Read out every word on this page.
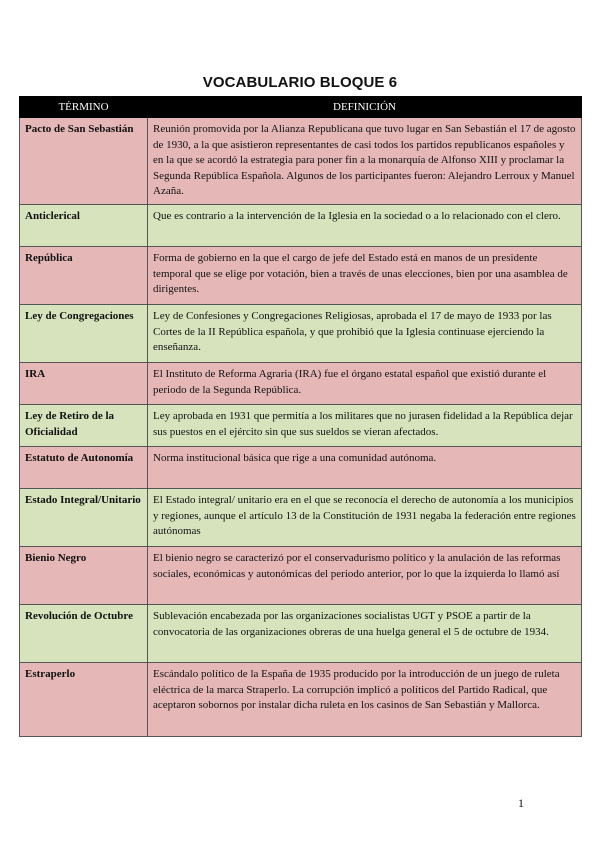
VOCABULARIO BLOQUE 6
TÉRMINO	DEFINICIÓN
Pacto de San Sebastián	Reunión promovida por la Alianza Republicana que tuvo lugar en San Sebastián el 17 de agosto de 1930, a la que asistieron representantes de casi todos los partidos republicanos españoles y en la que se acordó la estrategia para poner fin a la monarquía de Alfonso XIII y proclamar la Segunda República Española. Algunos de los participantes fueron: Alejandro Lerroux y Manuel Azaña.
Anticlerical	Que es contrario a la intervención de la Iglesia en la sociedad o a lo relacionado con el clero.
República	Forma de gobierno en la que el cargo de jefe del Estado está en manos de un presidente temporal que se elige por votación, bien a través de unas elecciones, bien por una asamblea de dirigentes.
Ley de Congregaciones	Ley de Confesiones y Congregaciones Religiosas, aprobada el 17 de mayo de 1933 por las Cortes de la II República española, y que prohibió que la Iglesia continuase ejerciendo la enseñanza.
IRA	El Instituto de Reforma Agraria (IRA) fue el órgano estatal español que existió durante el periodo de la Segunda República.
Ley de Retiro de la Oficialidad	Ley aprobada en 1931 que permitía a los militares que no jurasen fidelidad a la República dejar sus puestos en el ejército sin que sus sueldos se vieran afectados.
Estatuto de Autonomía	Norma institucional básica que rige a una comunidad autónoma.
Estado Integral/Unitario	El Estado integral/ unitario era en el que se reconocía el derecho de autonomía a los municipios y regiones, aunque el artículo 13 de la Constitución de 1931 negaba la federación entre regiones autónomas
Bienio Negro	El bienio negro se caracterizó por el conservadurismo político y la anulación de las reformas sociales, económicas y autonómicas del periodo anterior, por lo que la izquierda lo llamó así
Revolución de Octubre	Sublevación encabezada por las organizaciones socialistas UGT y PSOE a partir de la convocatoria de las organizaciones obreras de una huelga general el 5 de octubre de 1934.
Estraperlo	Escándalo político de la España de 1935 producido por la introducción de un juego de ruleta eléctrica de la marca Straperlo. La corrupción implicó a políticos del Partido Radical, que aceptaron sobornos por instalar dicha ruleta en los casinos de San Sebastián y Mallorca.
1
